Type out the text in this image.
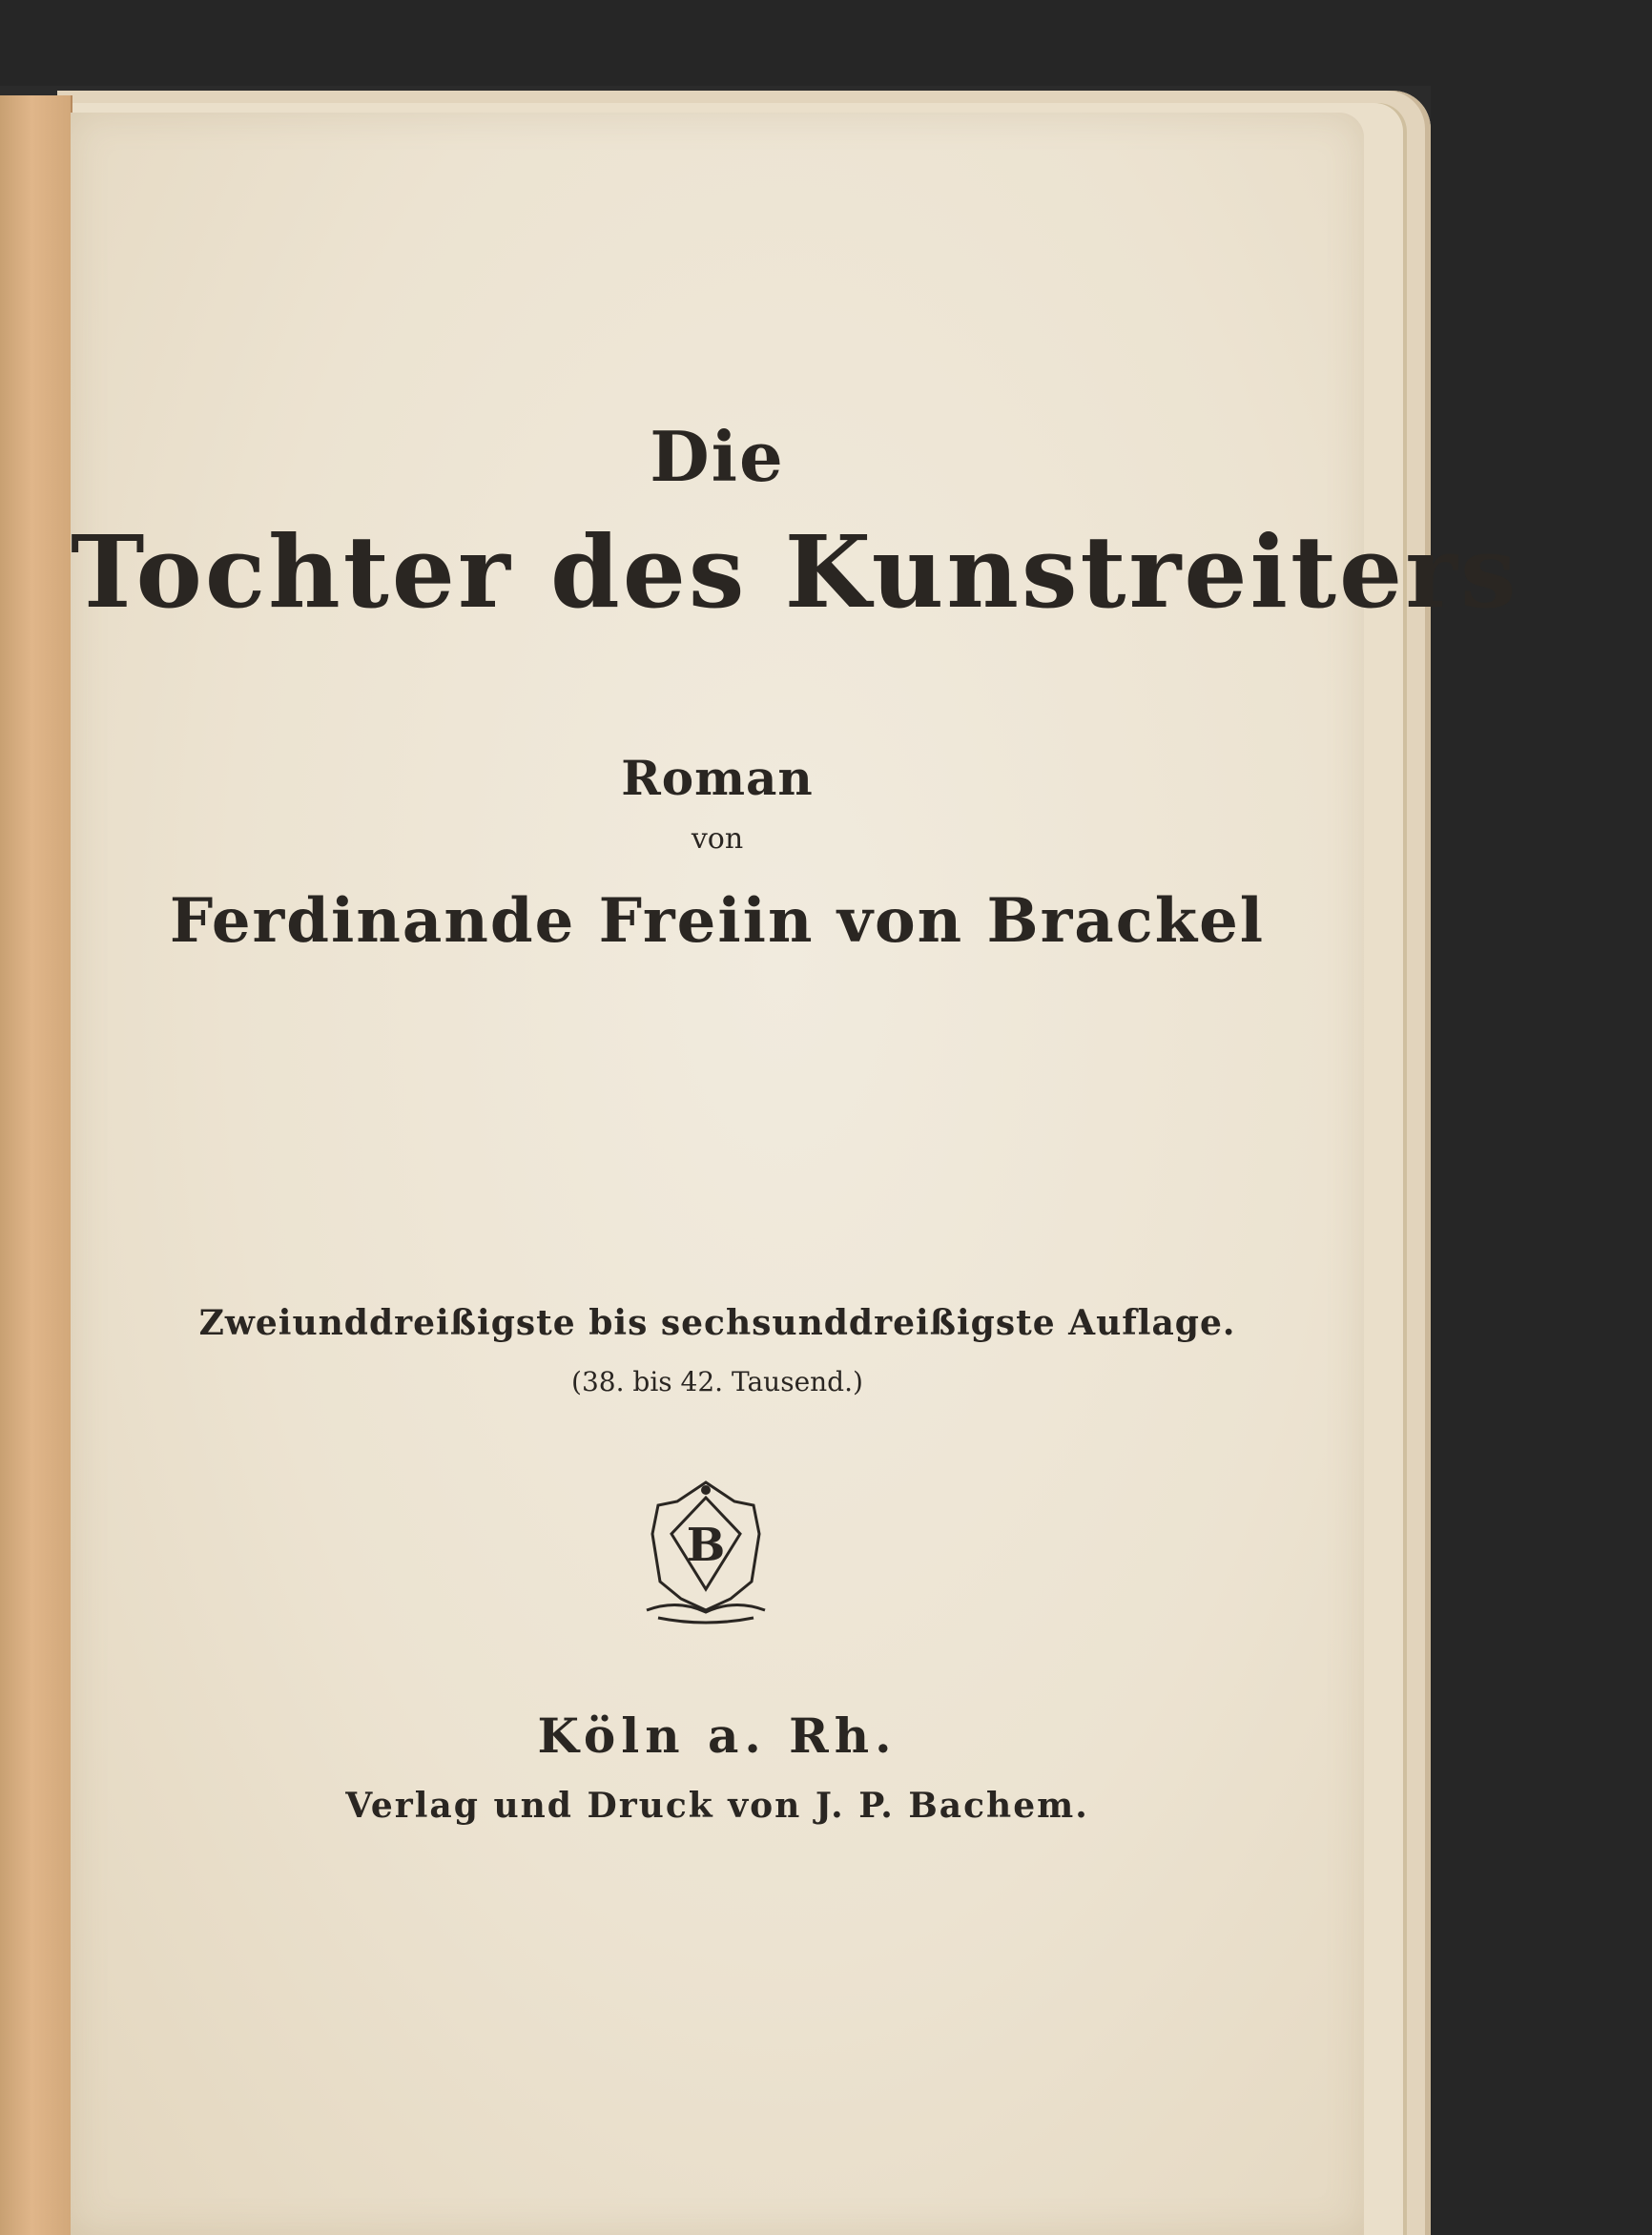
Die
Tochter des Kunstreiters
Roman
von
Ferdinande Freiin von Brackel
Zweiunddreißigste bis sechsunddreißigste Auflage.
(38. bis 42. Tausend.)
B
Köln a. Rh.
Verlag und Druck von J. P. Bachem.
